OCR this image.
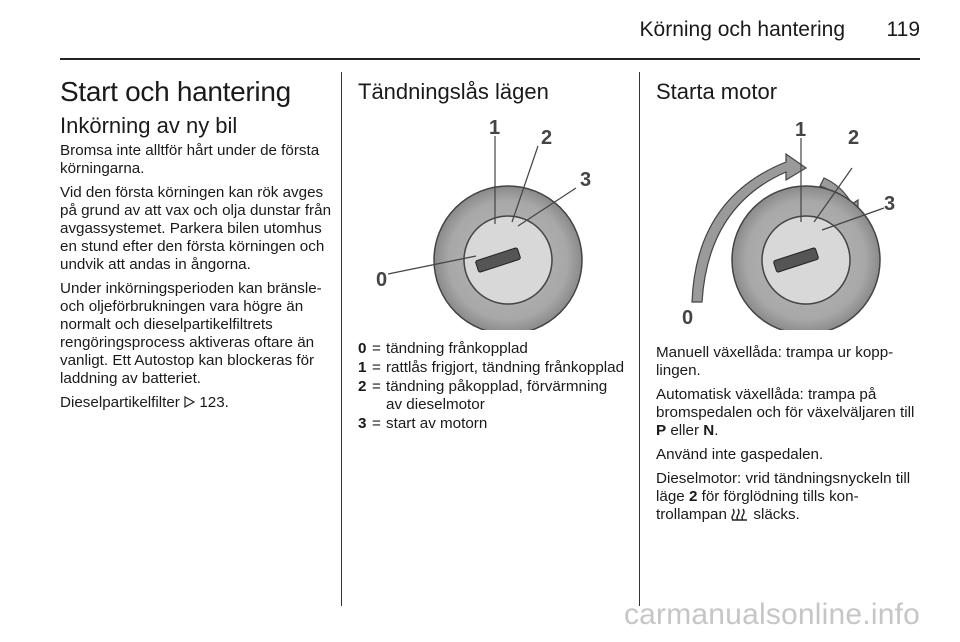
Körning och hantering 119
Start och hantering
Inkörning av ny bil

Bromsa inte alltför hårt under de första körningarna.

Vid den första körningen kan rök avges på grund av att vax och olja dunstar från avgassystemet. Parkera bilen utomhus en stund efter den första körningen och undvik att andas in ångorna.

Under inkörningsperioden kan bränsle- och oljeförbrukningen vara högre än normalt och dieselpartikelfiltrets rengöringsprocess aktiveras oftare än vanligt. Ett Autostop kan blockeras för laddning av batteriet.

Dieselpartikelfilter 123.

Tändningslås lägen
0
1 2
3
0 = tändning frånkopplad
1 = rattlås frigjort, tändning frånkopplad
2 = tändning påkopplad, förvärmning av dieselmotor
3 = start av motorn
Starta motor
0
1 2
3

Manuell växellåda: trampa ur kopplingen.

Automatisk växellåda: trampa på bromspedalen och för växelväljaren till P eller N.

Använd inte gaspedalen.

Dieselmotor: vrid tändningsnyckeln till läge 2 för förglödning tills kontrollampan  släcks.

carmanualsonline.info
